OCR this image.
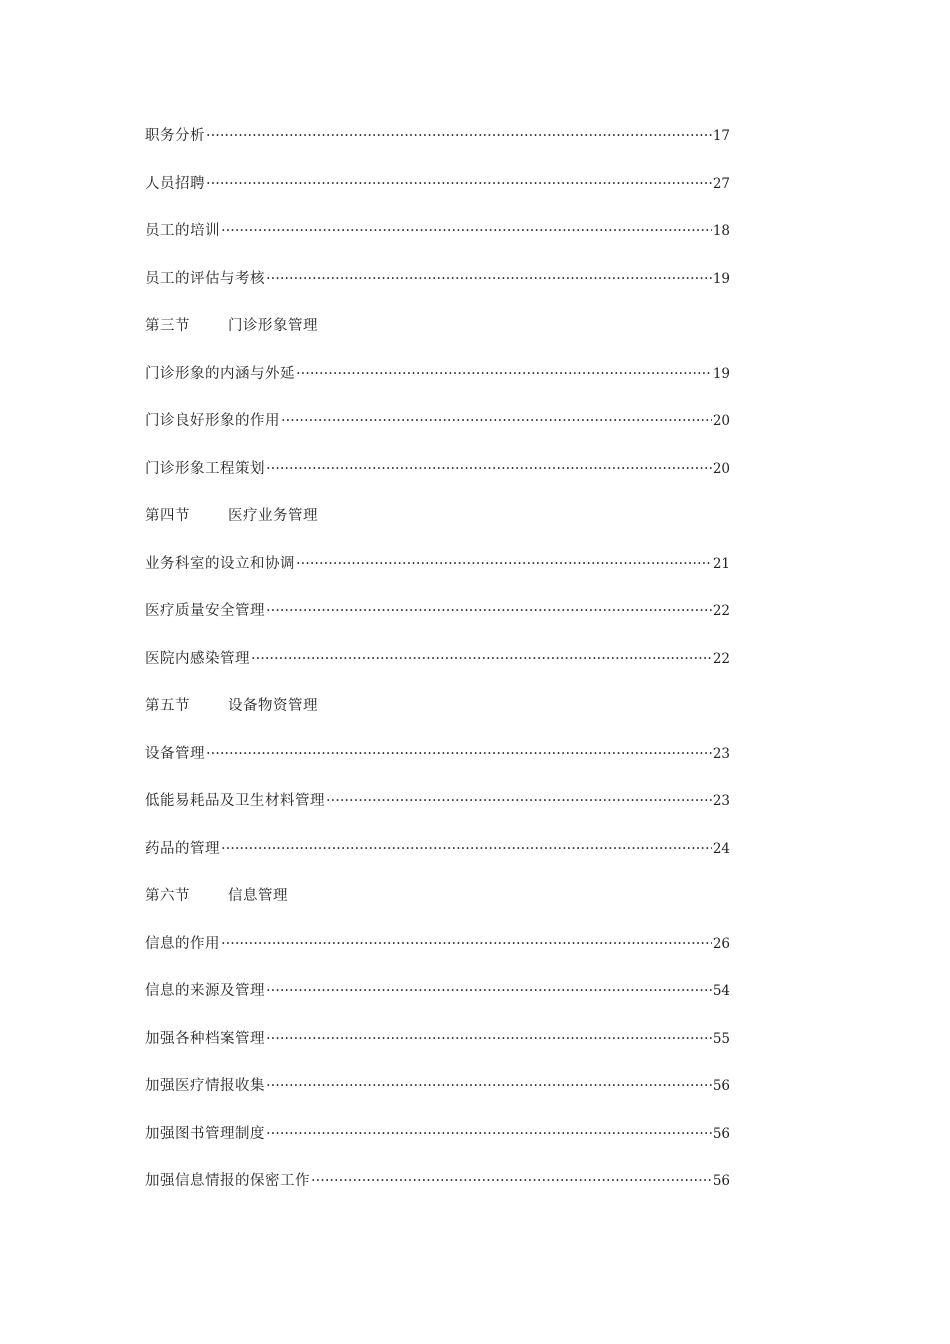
职务分析 ·····	17
人员招聘 ·····	27
员工的培训 ·····	18
员工的评估与考核 ·····	19
第三节	门诊形象管理
门诊形象的内涵与外延 ·····	19
门诊良好形象的作用 ·····	20
门诊形象工程策划 ·····	20
第四节	医疗业务管理
业务科室的设立和协调 ·····	21
医疗质量安全管理 ·····	22
医院内感染管理 ·····	22
第五节	设备物资管理
设备管理 ·····	23
低能易耗品及卫生材料管理 ·····	23
药品的管理 ·····	24
第六节	信息管理
信息的作用 ·····	26
信息的来源及管理 ·····	54
加强各种档案管理 ·····	55
加强医疗情报收集 ·····	56
加强图书管理制度 ·····	56
加强信息情报的保密工作 ·····	56
